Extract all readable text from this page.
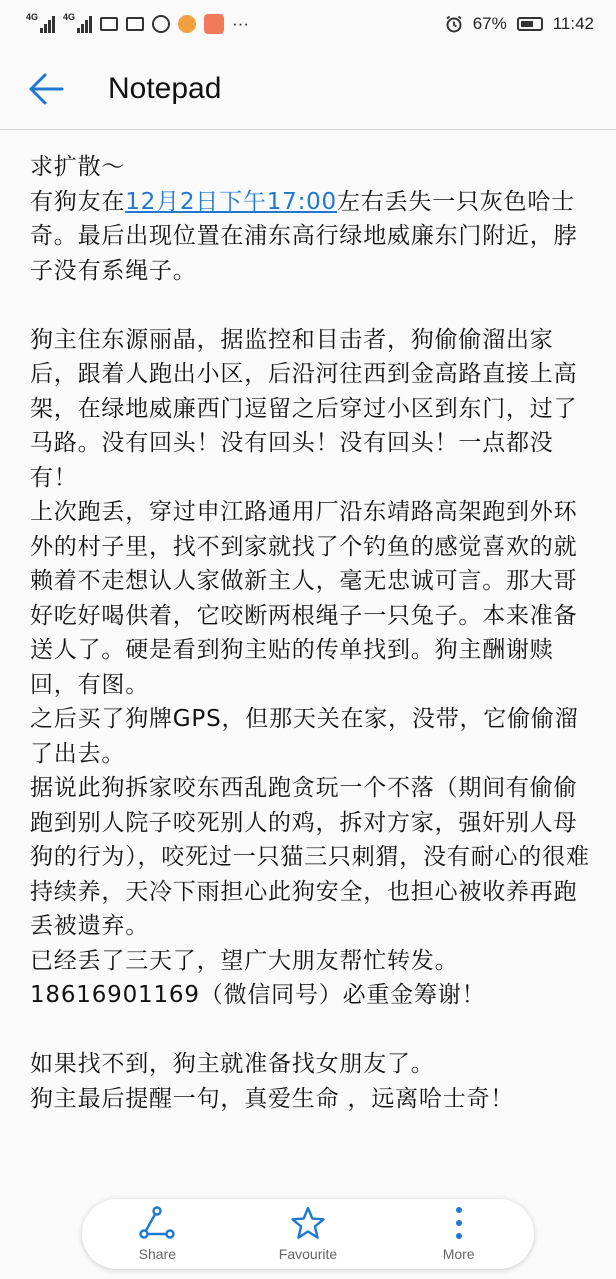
4G	4G	···	67%	11:42
Notepad
求扩散～
有狗友在12月2日下午17:00左右丢失一只灰色哈士奇。最后出现位置在浦东高行绿地威廉东门附近，脖子没有系绳子。

狗主住东源丽晶，据监控和目击者，狗偷偷溜出家后，跟着人跑出小区，后沿河往西到金高路直接上高架，在绿地威廉西门逗留之后穿过小区到东门，过了马路。没有回头！没有回头！没有回头！一点都没有！
上次跑丢，穿过申江路通用厂沿东靖路高架跑到外环外的村子里，找不到家就找了个钓鱼的感觉喜欢的就赖着不走想认人家做新主人，毫无忠诚可言。那大哥好吃好喝供着，它咬断两根绳子一只兔子。本来准备送人了。硬是看到狗主贴的传单找到。狗主酬谢赎回，有图。
之后买了狗牌GPS，但那天关在家，没带，它偷偷溜了出去。
据说此狗拆家咬东西乱跑贪玩一个不落（期间有偷偷跑到别人院子咬死别人的鸡，拆对方家，强奸别人母狗的行为），咬死过一只猫三只刺猬，没有耐心的很难持续养，天冷下雨担心此狗安全，也担心被收养再跑丢被遗弃。
已经丢了三天了，望广大朋友帮忙转发。
18616901169（微信同号）必重金筹谢！

如果找不到，狗主就准备找女朋友了。
狗主最后提醒一句，真爱生命 ，远离哈士奇！
Share	Favourite	More
